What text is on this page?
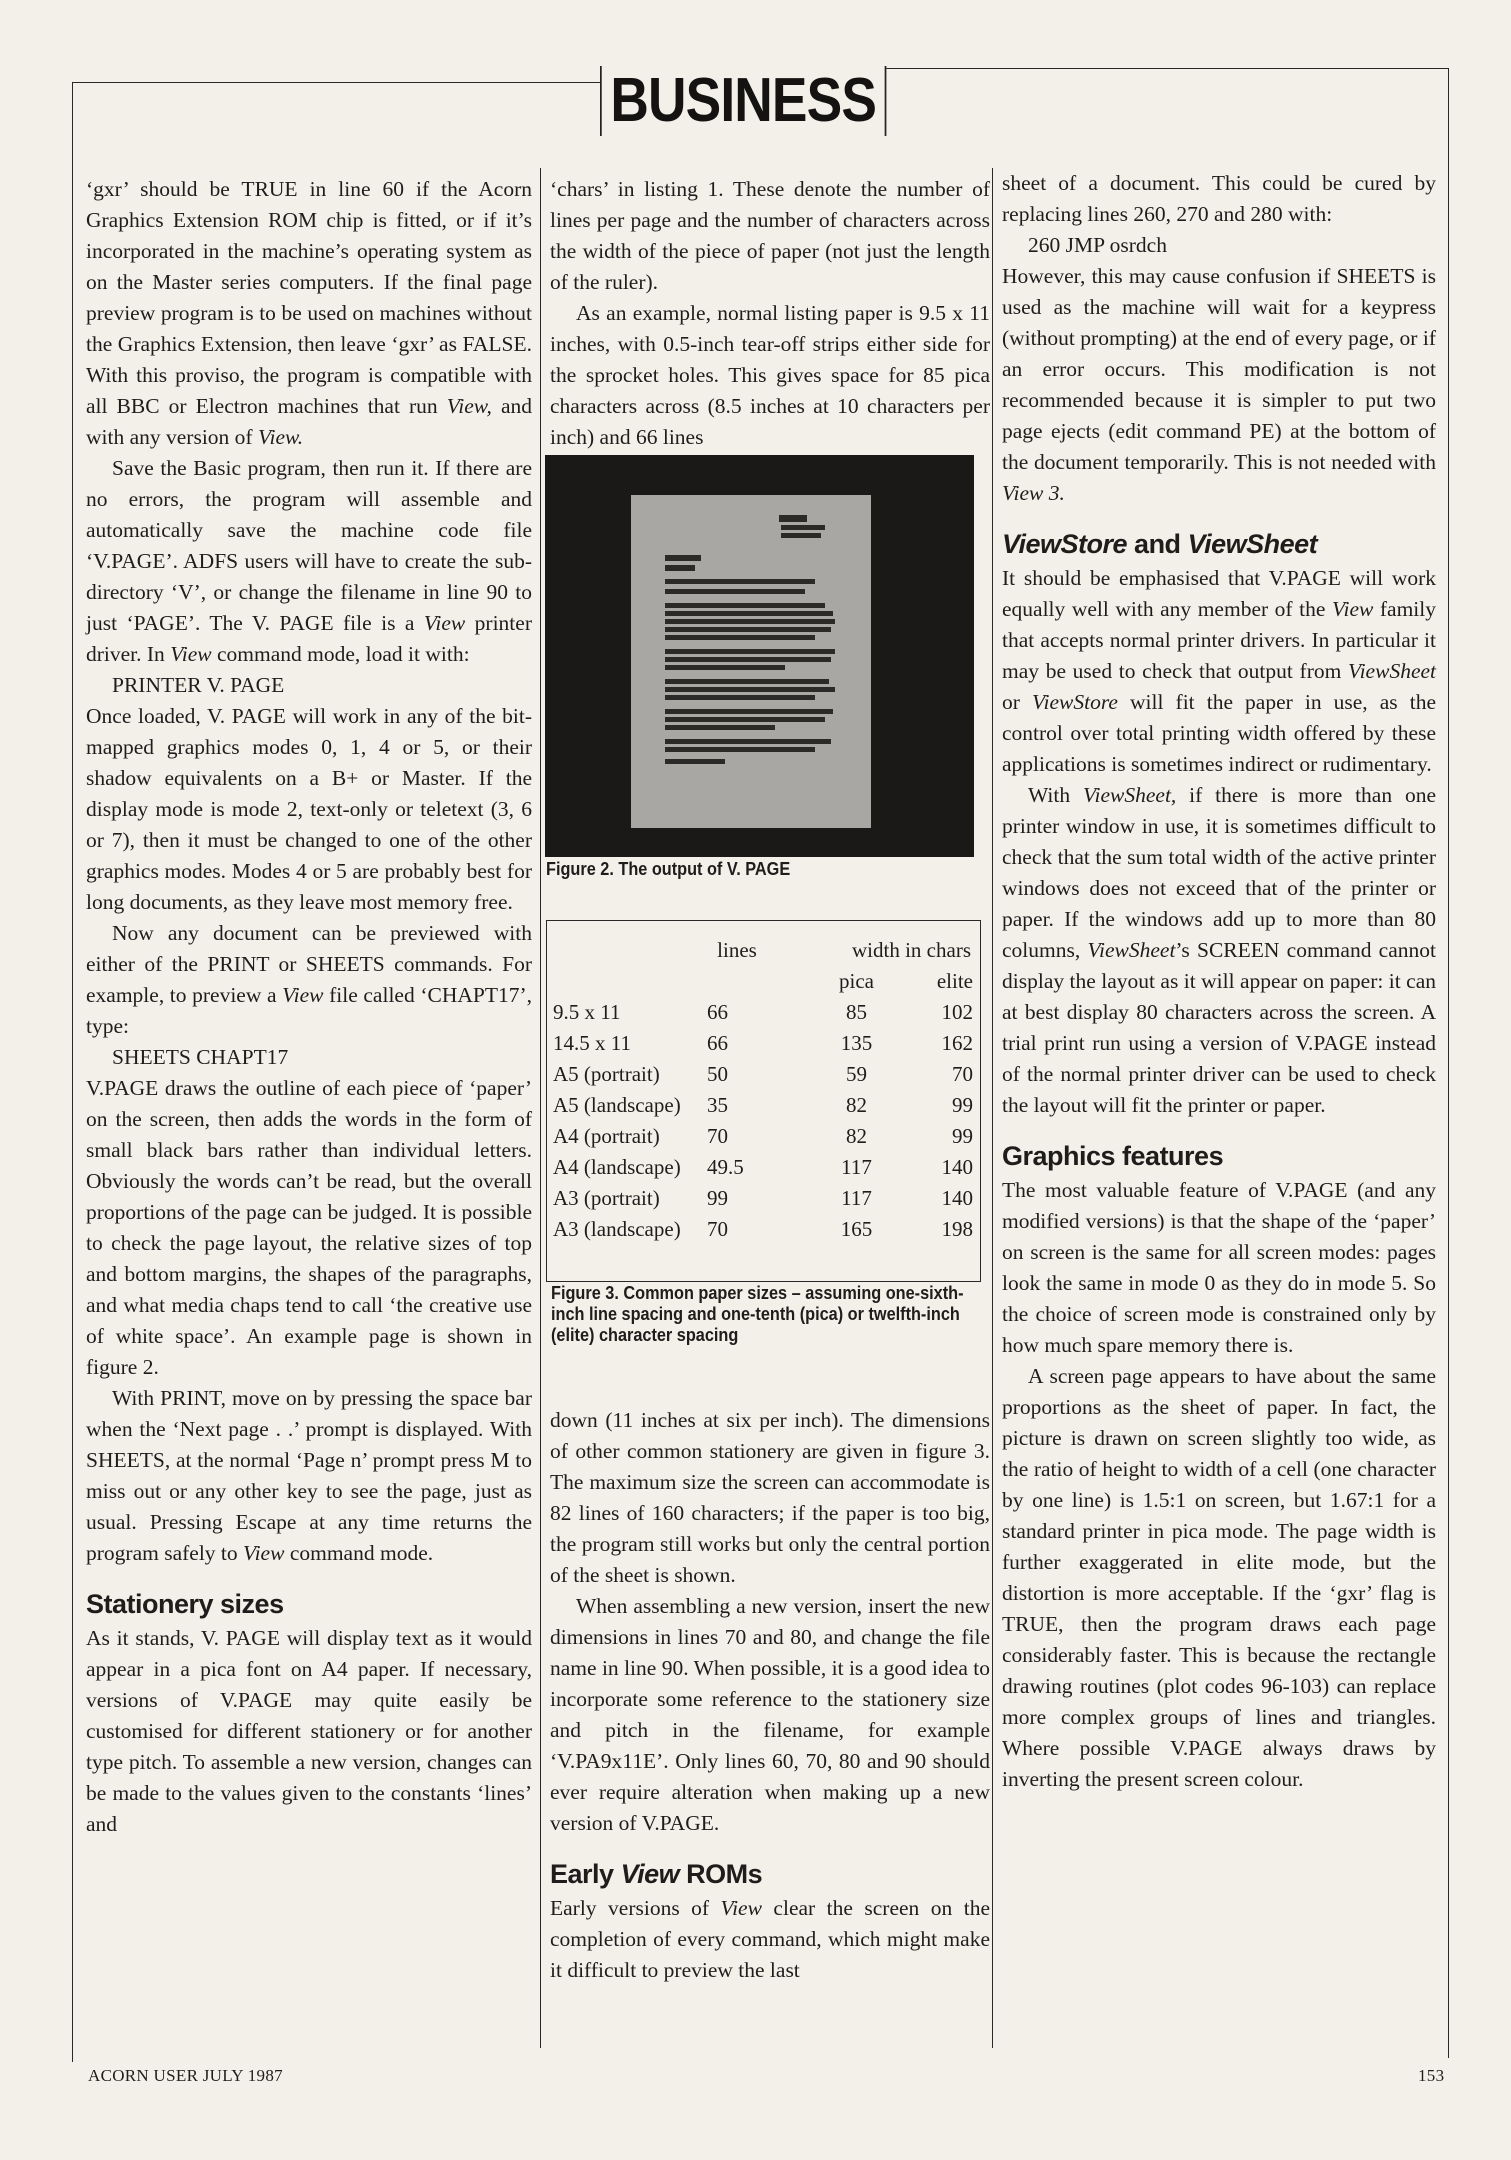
BUSINESS

‘gxr’ should be TRUE in line 60 if the Acorn Graphics Extension ROM chip is fitted, or if it’s incorporated in the machine’s operating system as on the Master series computers. If the final page preview program is to be used on machines without the Graphics Extension, then leave ‘gxr’ as FALSE. With this proviso, the program is compatible with all BBC or Electron machines that run View, and with any version of View.

Save the Basic program, then run it. If there are no errors, the program will assemble and automatically save the machine code file ‘V.PAGE’. ADFS users will have to create the sub-directory ‘V’, or change the filename in line 90 to just ‘PAGE’. The V. PAGE file is a View printer driver. In View command mode, load it with:

PRINTER V. PAGE

Once loaded, V. PAGE will work in any of the bit-mapped graphics modes 0, 1, 4 or 5, or their shadow equivalents on a B+ or Master. If the display mode is mode 2, text-only or teletext (3, 6 or 7), then it must be changed to one of the other graphics modes. Modes 4 or 5 are probably best for long documents, as they leave most memory free.

Now any document can be previewed with either of the PRINT or SHEETS commands. For example, to preview a View file called ‘CHAPT17’, type:

SHEETS CHAPT17

V.PAGE draws the outline of each piece of ‘paper’ on the screen, then adds the words in the form of small black bars rather than individual letters. Obviously the words can’t be read, but the overall proportions of the page can be judged. It is possible to check the page layout, the relative sizes of top and bottom margins, the shapes of the paragraphs, and what media chaps tend to call ‘the creative use of white space’. An example page is shown in figure 2.

With PRINT, move on by pressing the space bar when the ‘Next page . .’ prompt is displayed. With SHEETS, at the normal ‘Page n’ prompt press M to miss out or any other key to see the page, just as usual. Pressing Escape at any time returns the program safely to View command mode.

Stationery sizes

As it stands, V. PAGE will display text as it would appear in a pica font on A4 paper. If necessary, versions of V.PAGE may quite easily be customised for different stationery or for another type pitch. To assemble a new version, changes can be made to the values given to the constants ‘lines’ and

‘chars’ in listing 1. These denote the number of lines per page and the number of characters across the width of the piece of paper (not just the length of the ruler).

As an example, normal listing paper is 9.5 x 11 inches, with 0.5-inch tear-off strips either side for the sprocket holes. This gives space for 85 pica characters across (8.5 inches at 10 characters per inch) and 66 lines

Figure 2. The output of V. PAGE
	lines	width in chars	
		pica	elite
9.5 x 11	66	85	102
14.5 x 11	66	135	162
A5 (portrait)	50	59	70
A5 (landscape)	35	82	99
A4 (portrait)	70	82	99
A4 (landscape)	49.5	117	140
A3 (portrait)	99	117	140
A3 (landscape)	70	165	198
Figure 3. Common paper sizes – assuming one-sixth-inch line spacing and one-tenth (pica) or twelfth-inch (elite) character spacing

down (11 inches at six per inch). The dimensions of other common stationery are given in figure 3. The maximum size the screen can accommodate is 82 lines of 160 characters; if the paper is too big, the program still works but only the central portion of the sheet is shown.

When assembling a new version, insert the new dimensions in lines 70 and 80, and change the file name in line 90. When possible, it is a good idea to incorporate some reference to the stationery size and pitch in the filename, for example ‘V.PA9x11E’. Only lines 60, 70, 80 and 90 should ever require alteration when making up a new version of V.PAGE.

Early View ROMs

Early versions of View clear the screen on the completion of every command, which might make it difficult to preview the last

sheet of a document. This could be cured by replacing lines 260, 270 and 280 with:

260 JMP osrdch

However, this may cause confusion if SHEETS is used as the machine will wait for a keypress (without prompting) at the end of every page, or if an error occurs. This modification is not recommended because it is simpler to put two page ejects (edit command PE) at the bottom of the document temporarily. This is not needed with View 3.

ViewStore and ViewSheet

It should be emphasised that V.PAGE will work equally well with any member of the View family that accepts normal printer drivers. In particular it may be used to check that output from ViewSheet or ViewStore will fit the paper in use, as the control over total printing width offered by these applications is sometimes indirect or rudimentary.

With ViewSheet, if there is more than one printer window in use, it is sometimes difficult to check that the sum total width of the active printer windows does not exceed that of the printer or paper. If the windows add up to more than 80 columns, ViewSheet’s SCREEN command cannot display the layout as it will appear on paper: it can at best display 80 characters across the screen. A trial print run using a version of V.PAGE instead of the normal printer driver can be used to check the layout will fit the printer or paper.

Graphics features

The most valuable feature of V.PAGE (and any modified versions) is that the shape of the ‘paper’ on screen is the same for all screen modes: pages look the same in mode 0 as they do in mode 5. So the choice of screen mode is constrained only by how much spare memory there is.

A screen page appears to have about the same proportions as the sheet of paper. In fact, the picture is drawn on screen slightly too wide, as the ratio of height to width of a cell (one character by one line) is 1.5:1 on screen, but 1.67:1 for a standard printer in pica mode. The page width is further exaggerated in elite mode, but the distortion is more acceptable. If the ‘gxr’ flag is TRUE, then the program draws each page considerably faster. This is because the rectangle drawing routines (plot codes 96-103) can replace more complex groups of lines and triangles. Where possible V.PAGE always draws by inverting the present screen colour.

ACORN USER JULY 1987	153
